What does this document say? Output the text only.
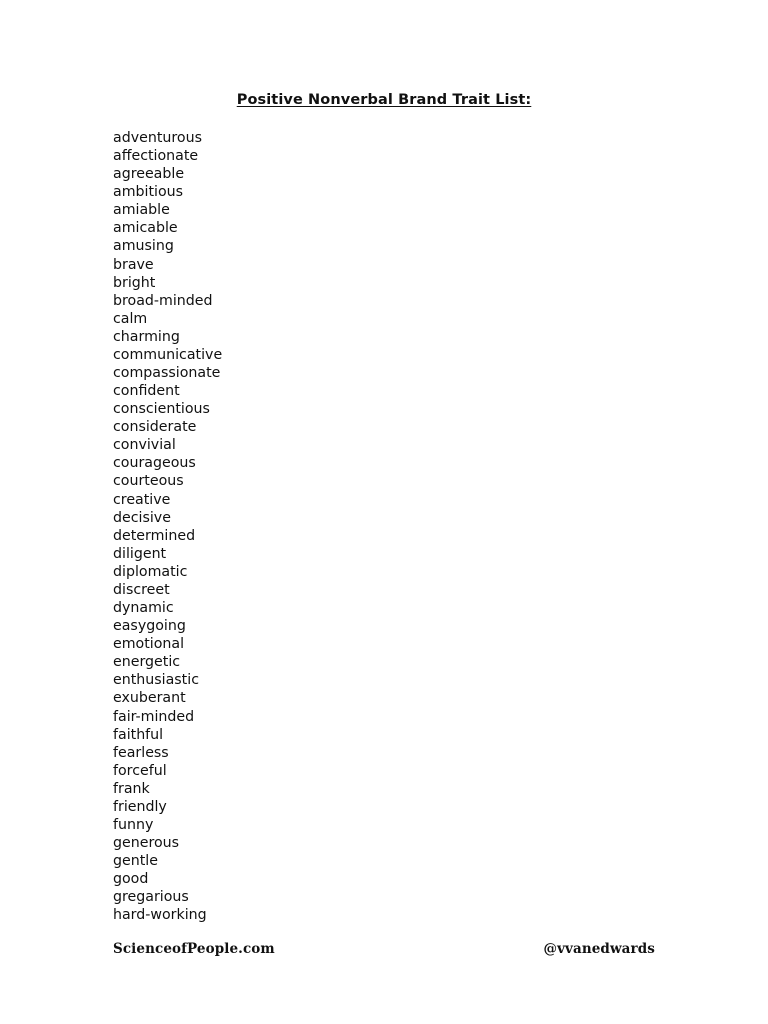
Positive Nonverbal Brand Trait List:
adventurous
affectionate
agreeable
ambitious
amiable
amicable
amusing
brave
bright
broad-minded
calm
charming
communicative
compassionate
confident
conscientious
considerate
convivial
courageous
courteous
creative
decisive
determined
diligent
diplomatic
discreet
dynamic
easygoing
emotional
energetic
enthusiastic
exuberant
fair-minded
faithful
fearless
forceful
frank
friendly
funny
generous
gentle
good
gregarious
hard-working
ScienceofPeople.com	@vvanedwards
